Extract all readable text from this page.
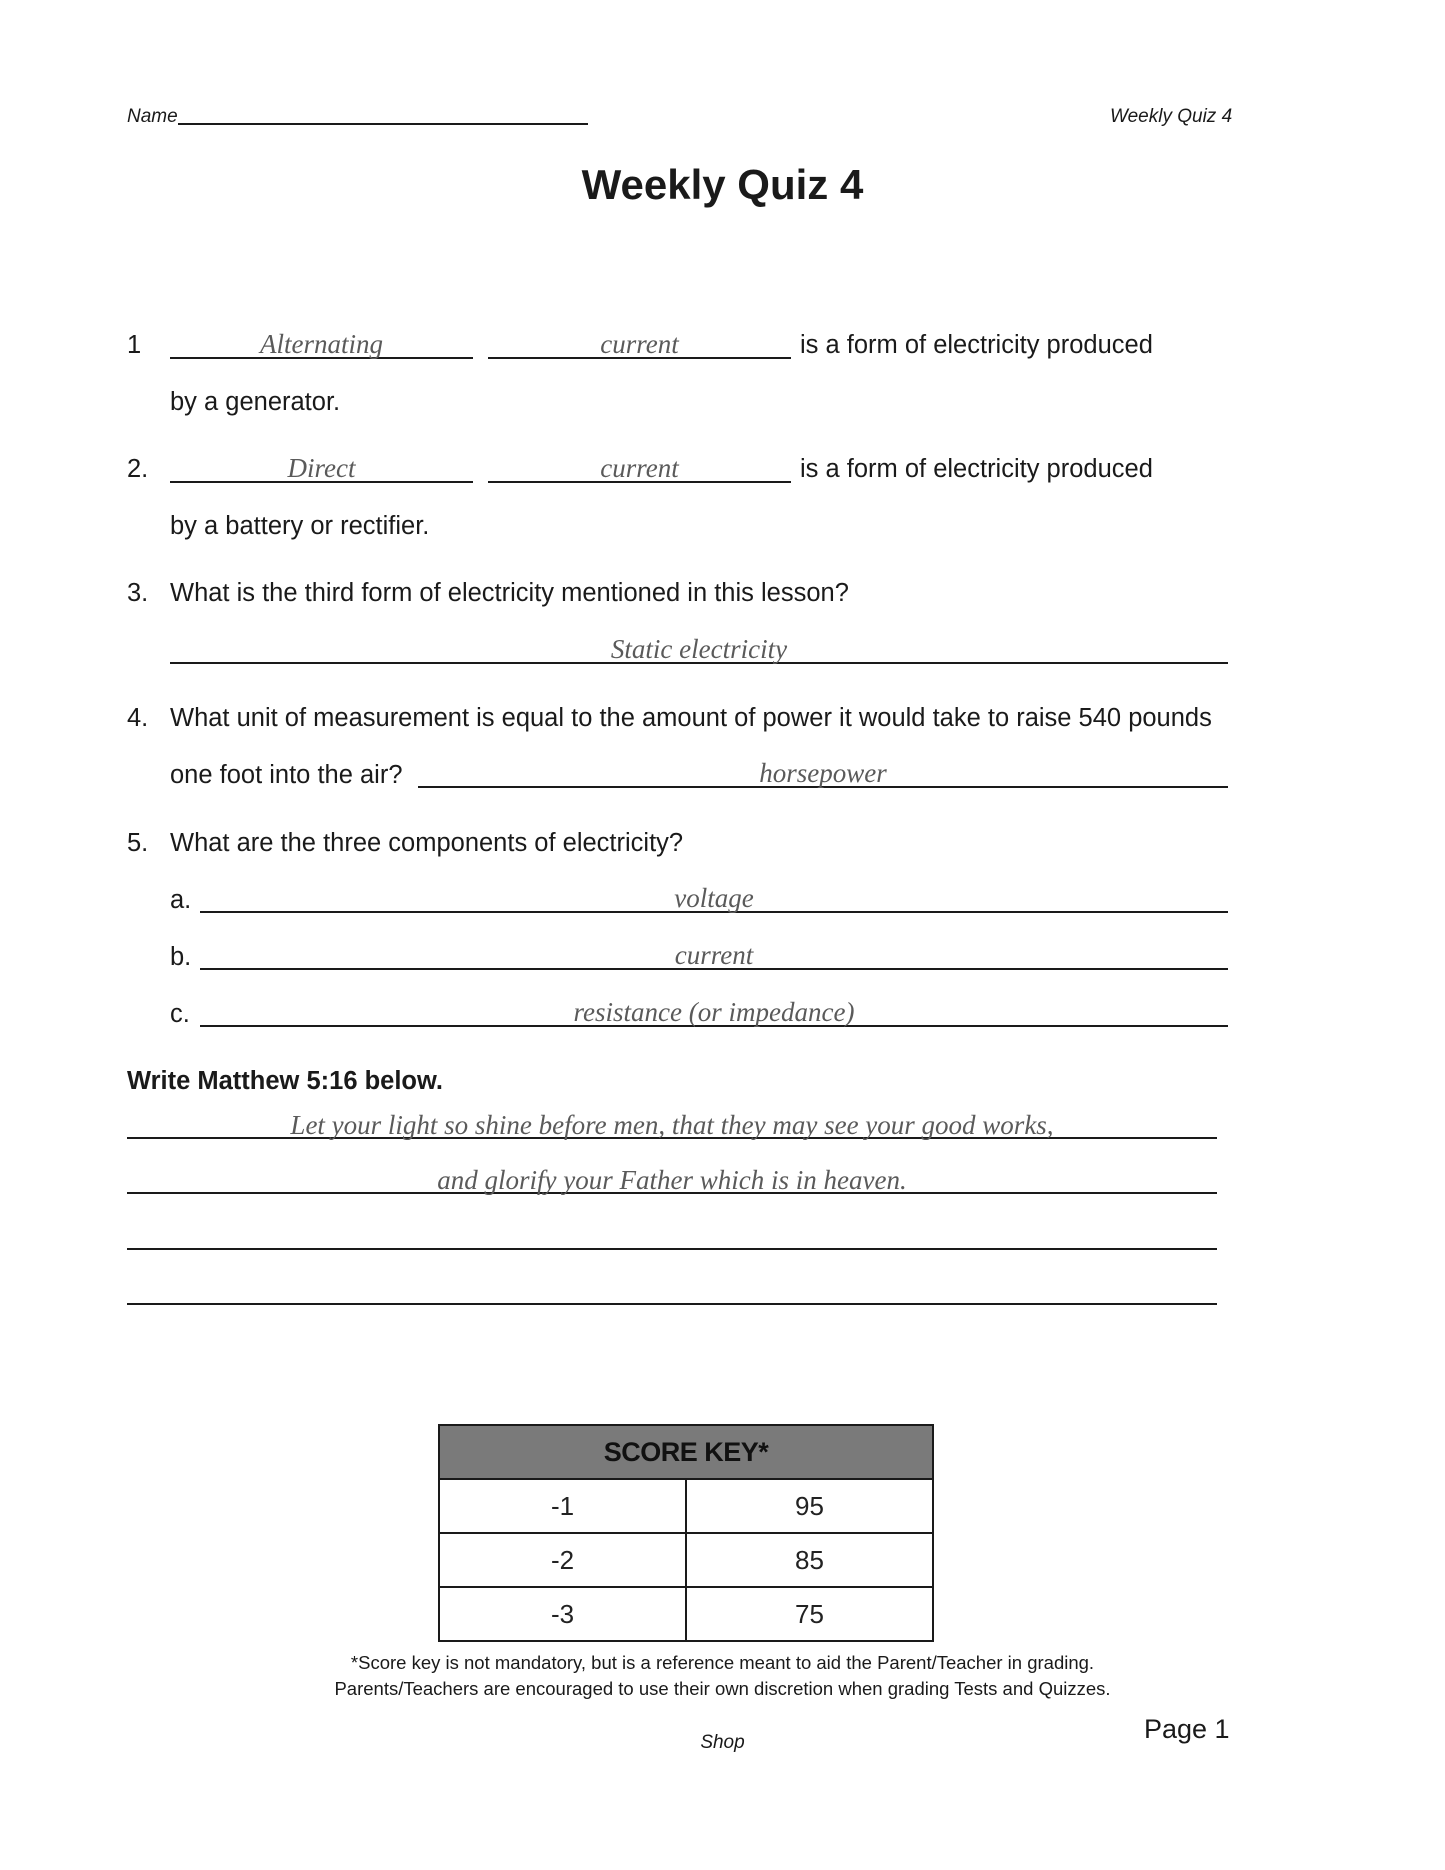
Name	Weekly Quiz 4
Weekly Quiz 4
1	Alternating	current	is a form of electricity produced
by a generator.
2.	Direct	current	is a form of electricity produced
by a battery or rectifier.
3. What is the third form of electricity mentioned in this lesson?
Static electricity
4. What unit of measurement is equal to the amount of power it would take to raise 540 pounds
one foot into the air?	horsepower
5. What are the three components of electricity?
a.	voltage
b.	current
c.	resistance (or impedance)
Write Matthew 5:16 below.
Let your light so shine before men, that they may see your good works,
and glorify your Father which is in heaven.
SCORE KEY*	
-1	95
-2	85
-3	75
*Score key is not mandatory, but is a reference meant to aid the Parent/Teacher in grading.
Parents/Teachers are encouraged to use their own discretion when grading Tests and Quizzes.
Shop	Page 1
